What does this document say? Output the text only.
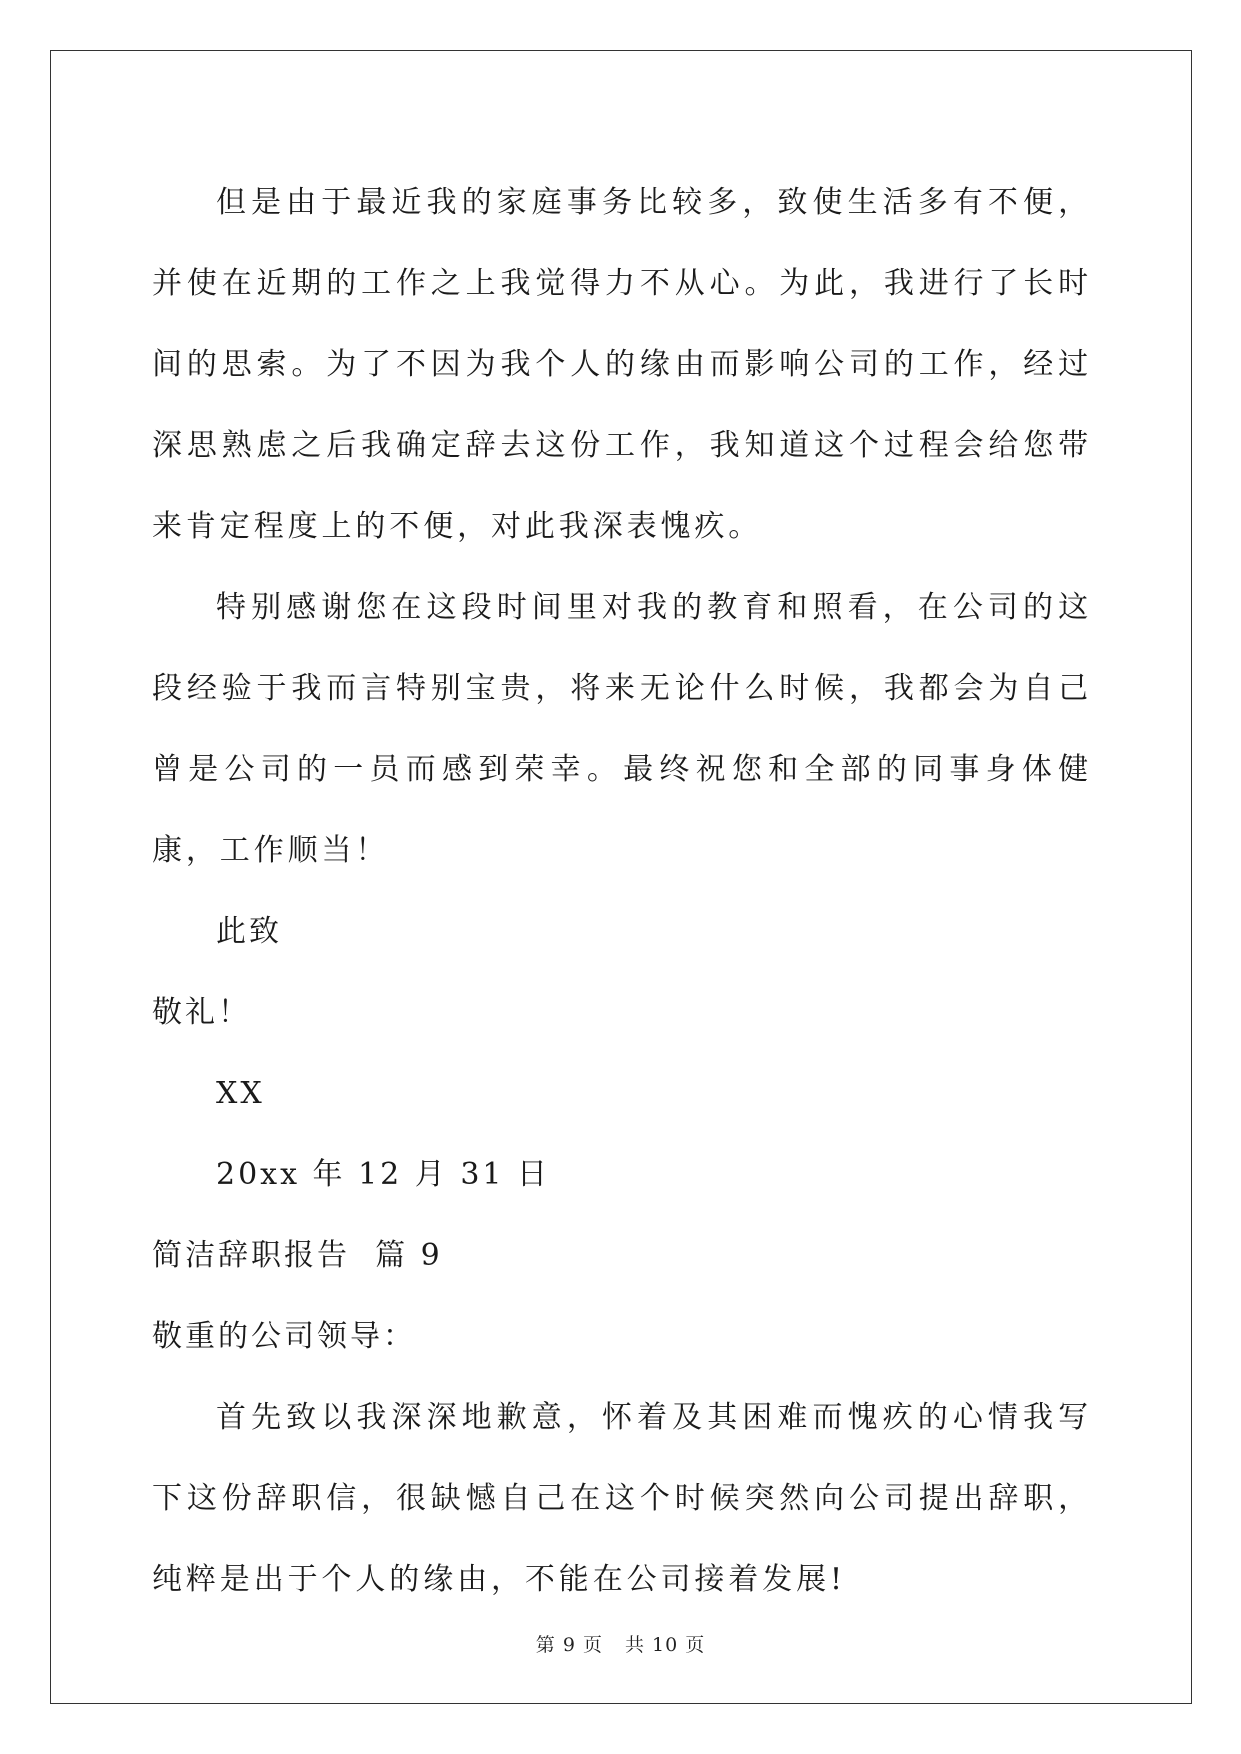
但是由于最近我的家庭事务比较多，致使生活多有不便，并使在近期的工作之上我觉得力不从心。为此，我进行了长时间的思索。为了不因为我个人的缘由而影响公司的工作，经过深思熟虑之后我确定辞去这份工作，我知道这个过程会给您带来肯定程度上的不便，对此我深表愧疚。

特别感谢您在这段时间里对我的教育和照看，在公司的这段经验于我而言特别宝贵，将来无论什么时候，我都会为自己曾是公司的一员而感到荣幸。最终祝您和全部的同事身体健康，工作顺当！

此致

敬礼！

XX

20xx 年 12 月 31 日

简洁辞职报告  篇 9

敬重的公司领导：

首先致以我深深地歉意，怀着及其困难而愧疚的心情我写下这份辞职信，很缺憾自己在这个时候突然向公司提出辞职，纯粹是出于个人的缘由，不能在公司接着发展!

第 9 页 共 10 页
